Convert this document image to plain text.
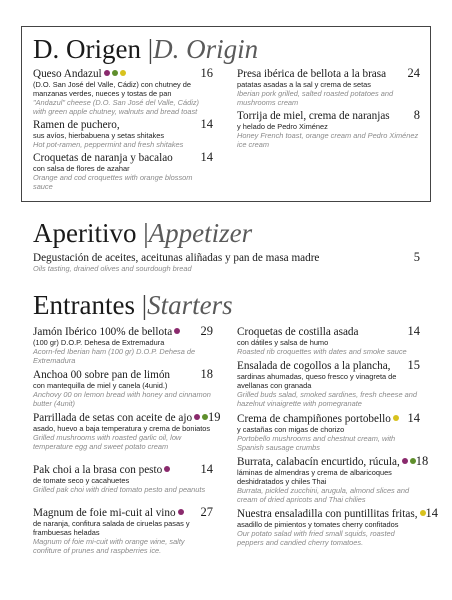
D. Origen |D. Origin
Queso Andazul	16
(D.O. San José del Valle, Cádiz) con chutney de manzanas verdes, nueces y tostas de pan
"Andazul" cheese (D.O. San José del Valle, Cádiz) with green apple chutney, walnuts and bread toast
Ramen de puchero,	14
sus avíos, hierbabuena y setas shitakes
Hot pot-ramen, peppermint and fresh shitakes
Croquetas de naranja y bacalao 14
con salsa de flores de azahar
Orange and cod croquettes with orange blossom sauce
Presa ibérica de bellota a la brasa 24
patatas asadas a la sal y crema de setas
Iberian pork grilled, salted roasted potatoes and mushrooms cream
Torrija de miel, crema de naranjas 8
y helado de Pedro Ximénez
Honey French toast, orange cream and Pedro Ximénez ice cream
Aperitivo |Appetizer
Degustación de aceites, aceitunas aliñadas y pan de masa madre	5
Oils tasting, drained olives and sourdough bread
Entrantes |Starters
Jamón Ibérico 100% de bellota	29
(100 gr) D.O.P. Dehesa de Extremadura
Acorn-fed Iberian ham (100 gr) D.O.P. Dehesa de Extremadura
Anchoa 00 sobre pan de limón 18
con mantequilla de miel y canela (4unid.)
Anchovy 00 on lemon bread with honey and cinnamon butter (4unit)
Parrillada de setas con aceite de ajo	19
asado, huevo a baja temperatura y crema de boniatos
Grilled mushrooms with roasted garlic oil, low temperature egg and sweet potato cream
Pak choi a la brasa con pesto	14
de tomate seco y cacahuetes
Grilled pak choi with dried tomato pesto and peanuts
Magnum de foie mi-cuit al vino	27
de naranja, confitura salada de ciruelas pasas y frambuesas heladas
Magnum of foie mi-cuit with orange wine, salty confiture of prunes and raspberries ice.
Croquetas de costilla asada	14
con dátiles y salsa de humo
Roasted rib croquettes with dates and smoke sauce
Ensalada de cogollos a la plancha, 15
sardinas ahumadas, queso fresco y vinagreta de avellanas con granada
Grilled buds salad, smoked sardines, fresh cheese and hazelnut vinaigrette with pomegranate
Crema de champiñones portobello	14
y castañas con migas de chorizo
Portobello mushrooms and chestnut cream, with Spanish sausage crumbs
Burrata, calabacín encurtido, rúcula,	18
láminas de almendras y crema de albaricoques deshidratados y chiles Thai
Burrata, pickled zucchini, arugula, almond slices and cream of dried apricots and Thai chilies
Nuestra ensaladilla con puntillitas fritas, 14
asadillo de pimientos y tomates cherry confitados
Our potato salad with fried small squids, roasted peppers and candied cherry tomatoes.
